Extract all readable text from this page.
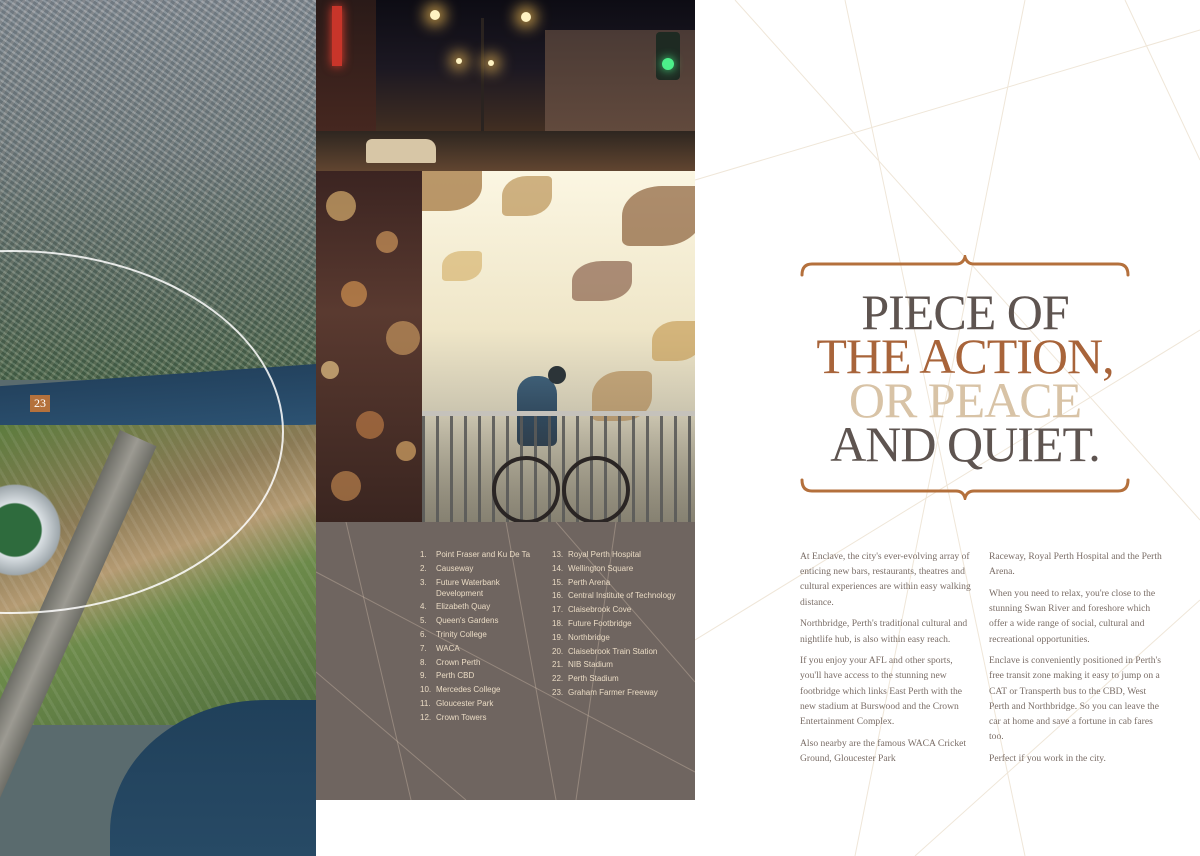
23
1.	Point Fraser and Ku De Ta
2.	Causeway
3.	Future Waterbank Development
4.	Elizabeth Quay
5.	Queen's Gardens
6.	Trinity College
7.	WACA
8.	Crown Perth
9.	Perth CBD
10. Mercedes College
11. Gloucester Park
12. Crown Towers
13. Royal Perth Hospital
14. Wellington Square
15. Perth Arena
16. Central Institute of Technology
17. Claisebrook Cove
18. Future Footbridge
19. Northbridge
20. Claisebrook Train Station
21. NIB Stadium
22. Perth Stadium
23. Graham Farmer Freeway
PIECE OF
THE ACTION,
OR PEACE
AND QUIET.

At Enclave, the city's ever-evolving array of enticing new bars, restaurants, theatres and cultural experiences are within easy walking distance.

Northbridge, Perth's traditional cultural and nightlife hub, is also within easy reach.

If you enjoy your AFL and other sports, you'll have access to the stunning new footbridge which links East Perth with the new stadium at Burswood and the Crown Entertainment Complex.

Also nearby are the famous WACA Cricket Ground, Gloucester Park

Raceway, Royal Perth Hospital and the Perth Arena.

When you need to relax, you're close to the stunning Swan River and foreshore which offer a wide range of social, cultural and recreational opportunities.

Enclave is conveniently positioned in Perth's free transit zone making it easy to jump on a CAT or Transperth bus to the CBD, West Perth and Northbridge. So you can leave the car at home and save a fortune in cab fares too.

Perfect if you work in the city.
